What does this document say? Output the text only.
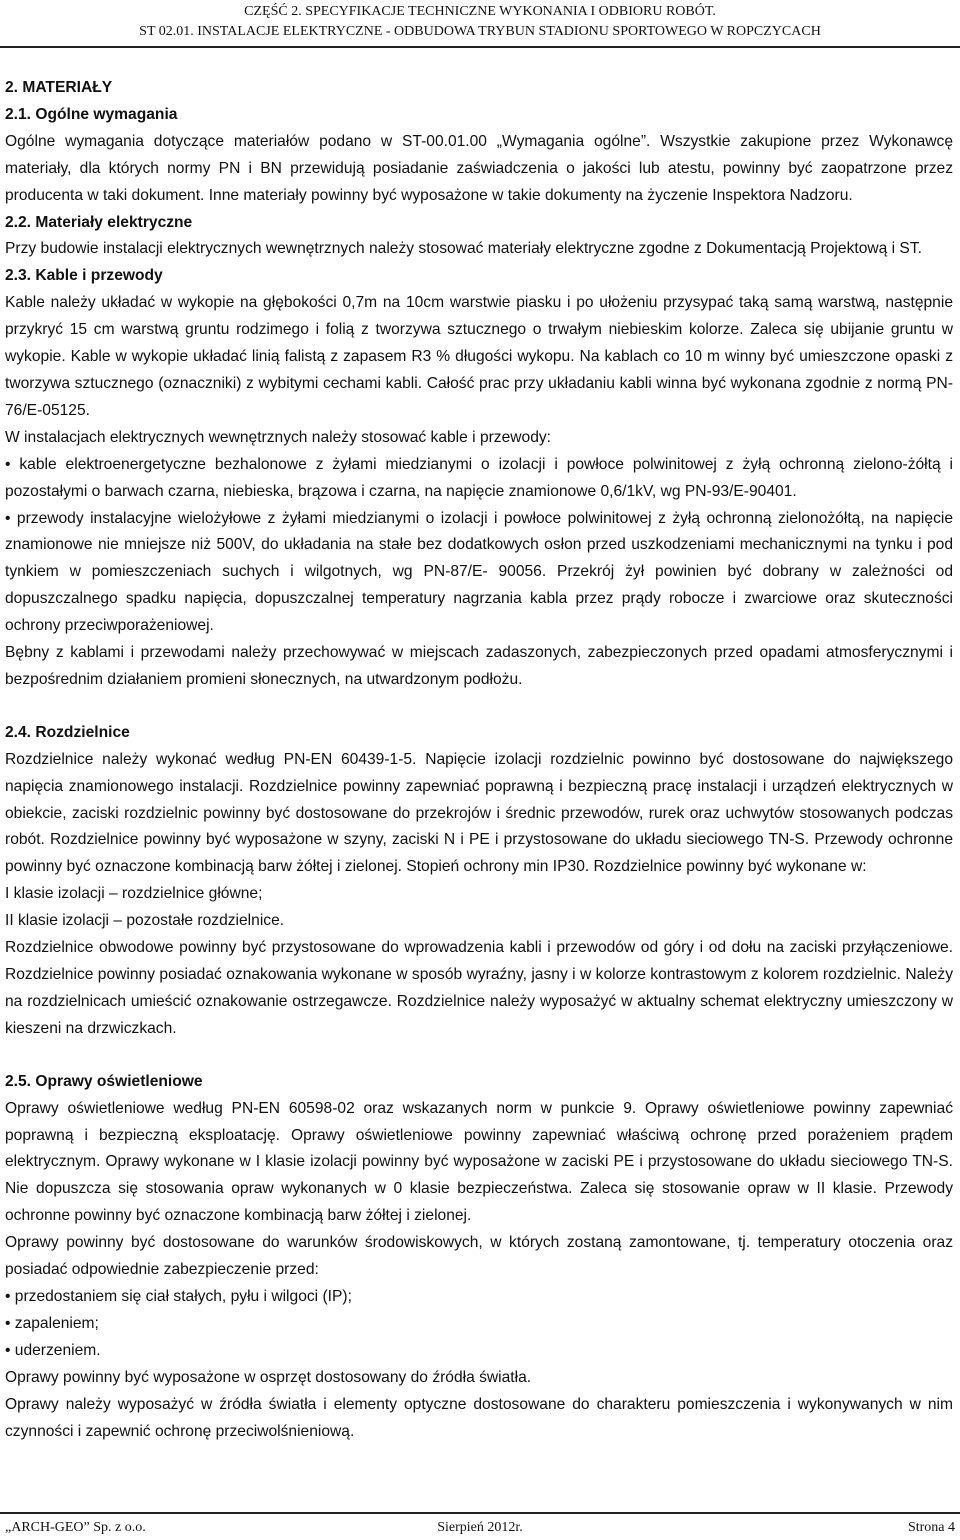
CZĘŚĆ 2. SPECYFIKACJE TECHNICZNE WYKONANIA I ODBIORU ROBÓT.
ST 02.01. INSTALACJE ELEKTRYCZNE - ODBUDOWA TRYBUN STADIONU SPORTOWEGO W ROPCZYCACH
2. MATERIAŁY
2.1. Ogólne wymagania

Ogólne wymagania dotyczące materiałów podano w ST-00.01.00 „Wymagania ogólne”. Wszystkie zakupione przez Wykonawcę materiały, dla których normy PN i BN przewidują posiadanie zaświadczenia o jakości lub atestu, powinny być zaopatrzone przez producenta w taki dokument. Inne materiały powinny być wyposażone w takie dokumenty na życzenie Inspektora Nadzoru.

2.2. Materiały elektryczne

Przy budowie instalacji elektrycznych wewnętrznych należy stosować materiały elektryczne zgodne z Dokumentacją Projektową i ST.

2.3. Kable i przewody

Kable należy układać w wykopie na głębokości 0,7m na 10cm warstwie piasku i po ułożeniu przysypać taką samą warstwą, następnie przykryć 15 cm warstwą gruntu rodzimego i folią z tworzywa sztucznego o trwałym niebieskim kolorze. Zaleca się ubijanie gruntu w wykopie. Kable w wykopie układać linią falistą z zapasem R3 % długości wykopu. Na kablach co 10 m winny być umieszczone opaski z tworzywa sztucznego (oznaczniki) z wybitymi cechami kabli. Całość prac przy układaniu kabli winna być wykonana zgodnie z normą PN-76/E-05125.

W instalacjach elektrycznych wewnętrznych należy stosować kable i przewody:

• kable elektroenergetyczne bezhalonowe z żyłami miedzianymi o izolacji i powłoce polwinitowej z żyłą ochronną zielono-żółtą i pozostałymi o barwach czarna, niebieska, brązowa i czarna, na napięcie znamionowe 0,6/1kV, wg PN-93/E-90401.

• przewody instalacyjne wielożyłowe z żyłami miedzianymi o izolacji i powłoce polwinitowej z żyłą ochronną zielonożółtą, na napięcie znamionowe nie mniejsze niż 500V, do układania na stałe bez dodatkowych osłon przed uszkodzeniami mechanicznymi na tynku i pod tynkiem w pomieszczeniach suchych i wilgotnych, wg PN-87/E- 90056. Przekrój żył powinien być dobrany w zależności od dopuszczalnego spadku napięcia, dopuszczalnej temperatury nagrzania kabla przez prądy robocze i zwarciowe oraz skuteczności ochrony przeciwporażeniowej.

Bębny z kablami i przewodami należy przechowywać w miejscach zadaszonych, zabezpieczonych przed opadami atmosferycznymi i bezpośrednim działaniem promieni słonecznych, na utwardzonym podłożu.

2.4. Rozdzielnice

Rozdzielnice należy wykonać według PN-EN 60439-1-5. Napięcie izolacji rozdzielnic powinno być dostosowane do największego napięcia znamionowego instalacji. Rozdzielnice powinny zapewniać poprawną i bezpieczną pracę instalacji i urządzeń elektrycznych w obiekcie, zaciski rozdzielnic powinny być dostosowane do przekrojów i średnic przewodów, rurek oraz uchwytów stosowanych podczas robót. Rozdzielnice powinny być wyposażone w szyny, zaciski N i PE i przystosowane do układu sieciowego TN-S. Przewody ochronne powinny być oznaczone kombinacją barw żółtej i zielonej. Stopień ochrony min IP30. Rozdzielnice powinny być wykonane w:

I klasie izolacji – rozdzielnice główne;

II klasie izolacji – pozostałe rozdzielnice.

Rozdzielnice obwodowe powinny być przystosowane do wprowadzenia kabli i przewodów od góry i od dołu na zaciski przyłączeniowe. Rozdzielnice powinny posiadać oznakowania wykonane w sposób wyraźny, jasny i w kolorze kontrastowym z kolorem rozdzielnic. Należy na rozdzielnicach umieścić oznakowanie ostrzegawcze. Rozdzielnice należy wyposażyć w aktualny schemat elektryczny umieszczony w kieszeni na drzwiczkach.

2.5. Oprawy oświetleniowe

Oprawy oświetleniowe według PN-EN 60598-02 oraz wskazanych norm w punkcie 9. Oprawy oświetleniowe powinny zapewniać poprawną i bezpieczną eksploatację. Oprawy oświetleniowe powinny zapewniać właściwą ochronę przed porażeniem prądem elektrycznym. Oprawy wykonane w I klasie izolacji powinny być wyposażone w zaciski PE i przystosowane do układu sieciowego TN-S. Nie dopuszcza się stosowania opraw wykonanych w 0 klasie bezpieczeństwa. Zaleca się stosowanie opraw w II klasie. Przewody ochronne powinny być oznaczone kombinacją barw żółtej i zielonej.

Oprawy powinny być dostosowane do warunków środowiskowych, w których zostaną zamontowane, tj. temperatury otoczenia oraz posiadać odpowiednie zabezpieczenie przed:

• przedostaniem się ciał stałych, pyłu i wilgoci (IP);

• zapaleniem;

• uderzeniem.

Oprawy powinny być wyposażone w osprzęt dostosowany do źródła światła.

Oprawy należy wyposażyć w źródła światła i elementy optyczne dostosowane do charakteru pomieszczenia i wykonywanych w nim czynności i zapewnić ochronę przeciwolśnieniową.

„ARCH-GEO” Sp. z o.o.	Sierpień 2012r.	Strona 4
